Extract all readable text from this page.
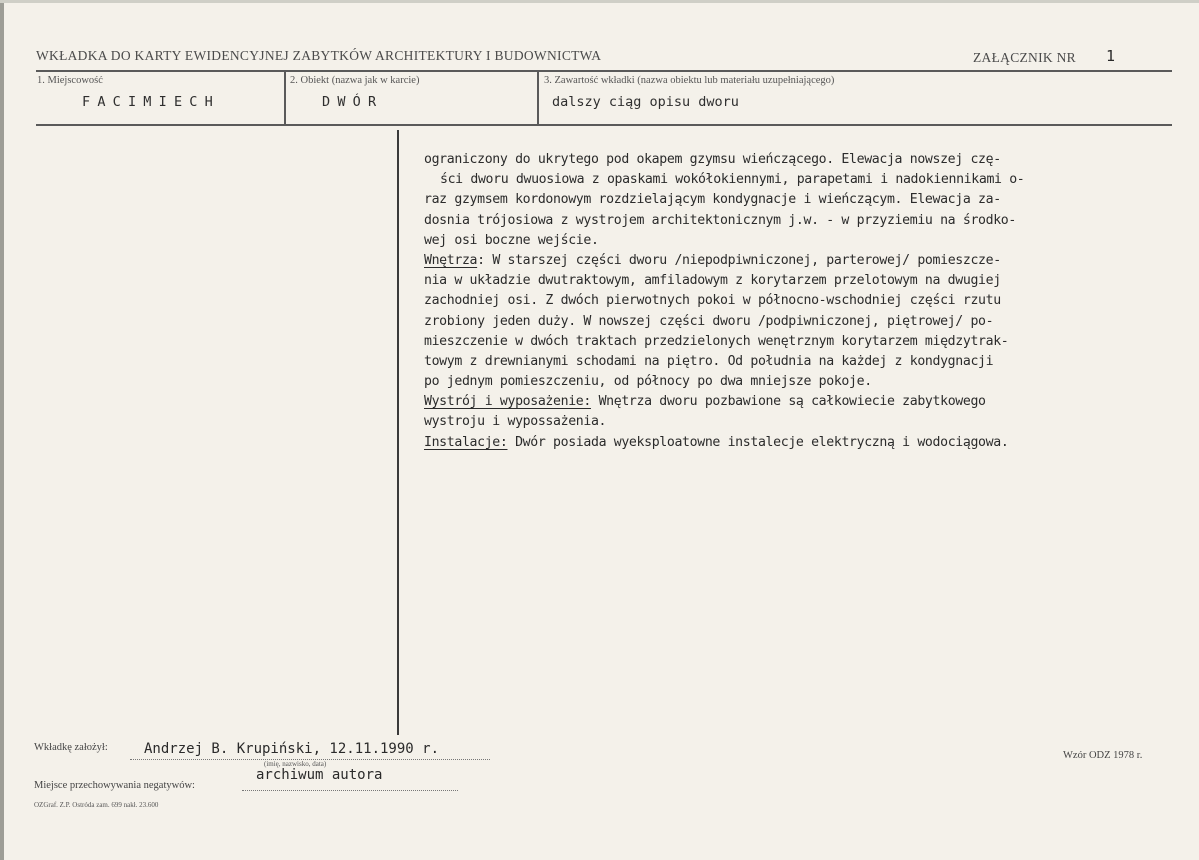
WKŁADKA DO KARTY EWIDENCYJNEJ ZABYTKÓW ARCHITEKTURY I BUDOWNICTWA	ZAŁĄCZNIK NR 1
1. Miejscowość	2. Obiekt (nazwa jak w karcie)	3. Zawartość wkładki (nazwa obiektu lub materiału uzupełniającego)
FACIMIECH	DWÓR	dalszy ciąg opisu dworu
ograniczony do ukrytego pod okapem gzymsu wieńczącego. Elewacja nowszej czę-
ści dworu dwuosiowa z opaskami wokółokiennymi, parapetami i nadokiennikami o-
raz gzymsem kordonowym rozdzielającym kondygnacje i wieńczącym. Elewacja za-
dosnia trójosiowa z wystrojem architektonicznym j.w. - w przyziemiu na środko-
wej osi boczne wejście.
Wnętrza: W starszej części dworu /niepodpiwniczonej, parterowej/ pomieszcze-
nia w układzie dwutraktowym, amfiladowym z korytarzem przelotowym na dwugiej
zachodniej osi. Z dwóch pierwotnych pokoi w północno-wschodniej części rzutu
zrobiony jeden duży. W nowszej części dworu /podpiwniczonej, piętrowej/ po-
mieszczenie w dwóch traktach przedzielonych wenętrznym korytarzem międzytrak-
towym z drewnianymi schodami na piętro. Od południa na każdej z kondygnacji
po jednym pomieszczeniu, od północy po dwa mniejsze pokoje.
Wystrój i wyposażenie: Wnętrza dworu pozbawione są całkowiecie zabytkowego
wystroju i wypossażenia.
Instalacje: Dwór posiada wyeksploatowne instalecje elektryczną i wodociągowa.
Wkładkę założył:	Andrzej B. Krupiński, 12.11.1990 r.
(imię, nazwisko, data)
Miejsce przechowywania negatywów:
archiwum autora
OZGraf. Z.P. Ostróda zam. 699 nakł. 23.600
Wzór ODZ 1978 r.
